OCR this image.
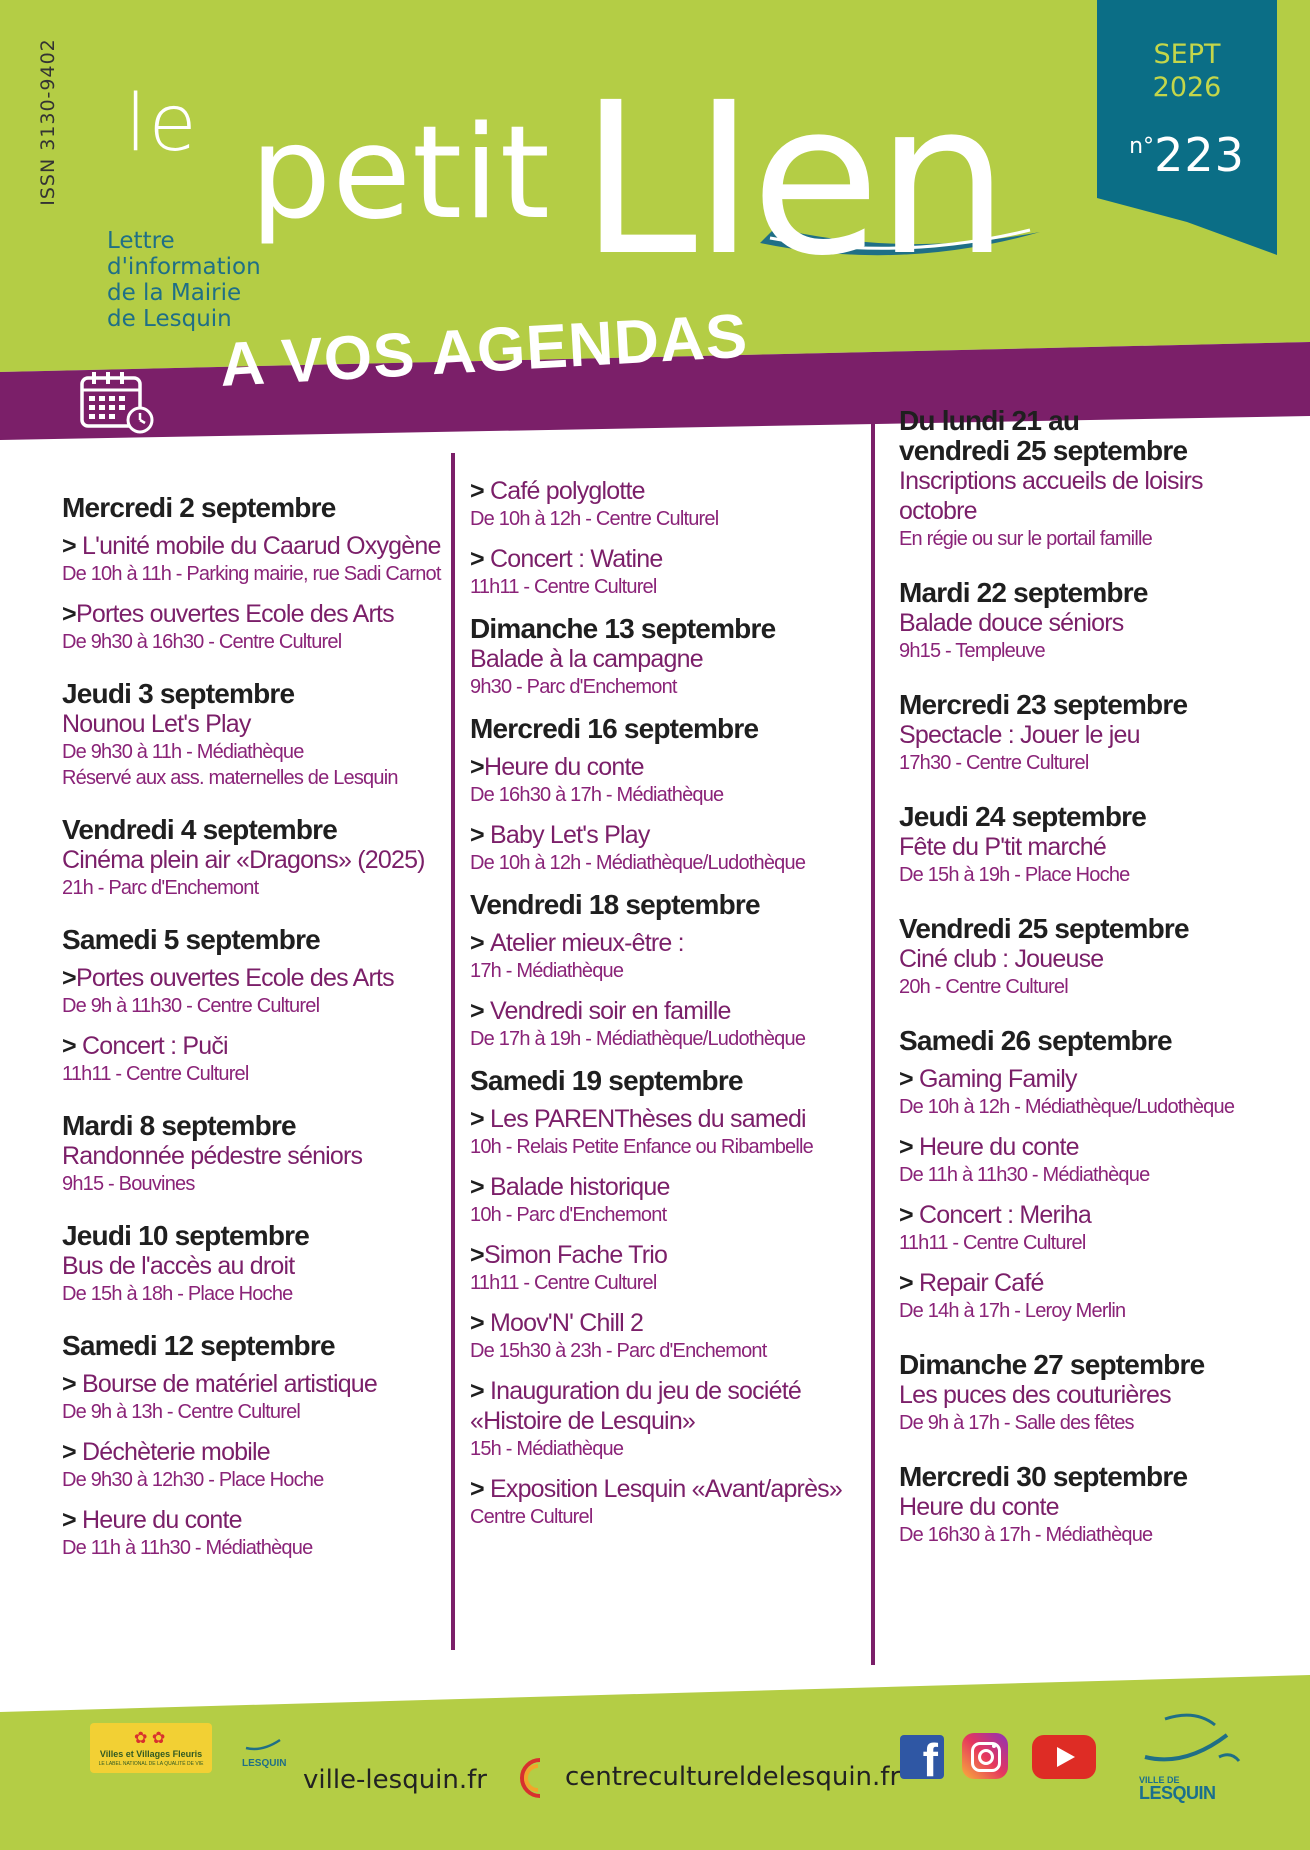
ISSN 3130-9402 le petit LIen
Lettre
d'information
de la Mairie
de Lesquin
SEPT
2026
n°223
A VOS AGENDAS
Mercredi 2 septembre
> L'unité mobile du Caarud Oxygène
De 10h à 11h - Parking mairie, rue Sadi Carnot
>Portes ouvertes Ecole des Arts
De 9h30 à 16h30 - Centre Culturel
Jeudi 3 septembre
Nounou Let's Play
De 9h30 à 11h - Médiathèque
Réservé aux ass. maternelles de Lesquin
Vendredi 4 septembre
Cinéma plein air «Dragons» (2025)
21h - Parc d'Enchemont
Samedi 5 septembre
>Portes ouvertes Ecole des Arts
De 9h à 11h30 - Centre Culturel
> Concert : Puči
11h11 - Centre Culturel
Mardi 8 septembre
Randonnée pédestre séniors
9h15 - Bouvines
Jeudi 10 septembre
Bus de l'accès au droit
De 15h à 18h - Place Hoche
Samedi 12 septembre
> Bourse de matériel artistique
De 9h à 13h - Centre Culturel
> Déchèterie mobile
De 9h30 à 12h30 - Place Hoche
> Heure du conte
De 11h à 11h30 - Médiathèque
> Café polyglotte
De 10h à 12h - Centre Culturel
> Concert : Watine
11h11 - Centre Culturel
Dimanche 13 septembre
Balade à la campagne
9h30 - Parc d'Enchemont
Mercredi 16 septembre
>Heure du conte
De 16h30 à 17h - Médiathèque
> Baby Let's Play
De 10h à 12h - Médiathèque/Ludothèque
Vendredi 18 septembre
> Atelier mieux-être :
17h - Médiathèque
> Vendredi soir en famille
De 17h à 19h - Médiathèque/Ludothèque
Samedi 19 septembre
> Les PARENThèses du samedi
10h - Relais Petite Enfance ou Ribambelle
> Balade historique
10h - Parc d'Enchemont
>Simon Fache Trio
11h11 - Centre Culturel
> Moov'N' Chill 2
De 15h30 à 23h - Parc d'Enchemont
> Inauguration du jeu de société
«Histoire de Lesquin»
15h - Médiathèque
> Exposition Lesquin «Avant/après»
Centre Culturel
Du lundi 21 au
vendredi 25 septembre
Inscriptions accueils de loisirs
octobre
En régie ou sur le portail famille
Mardi 22 septembre
Balade douce séniors
9h15 - Templeuve
Mercredi 23 septembre
Spectacle : Jouer le jeu
17h30 - Centre Culturel
Jeudi 24 septembre
Fête du P'tit marché
De 15h à 19h - Place Hoche
Vendredi 25 septembre
Ciné club : Joueuse
20h - Centre Culturel
Samedi 26 septembre
> Gaming Family
De 10h à 12h - Médiathèque/Ludothèque
> Heure du conte
De 11h à 11h30 - Médiathèque
> Concert : Meriha
11h11 - Centre Culturel
> Repair Café
De 14h à 17h - Leroy Merlin
Dimanche 27 septembre
Les puces des couturières
De 9h à 17h - Salle des fêtes
Mercredi 30 septembre
Heure du conte
De 16h30 à 17h - Médiathèque
✿ ✿
Villes et Villages Fleuris
LE LABEL NATIONAL DE LA QUALITÉ DE VIE	LESQUIN
ville-lesquin.fr	centreculturel​delesquin.fr f	VILLE DE
LESQUIN
